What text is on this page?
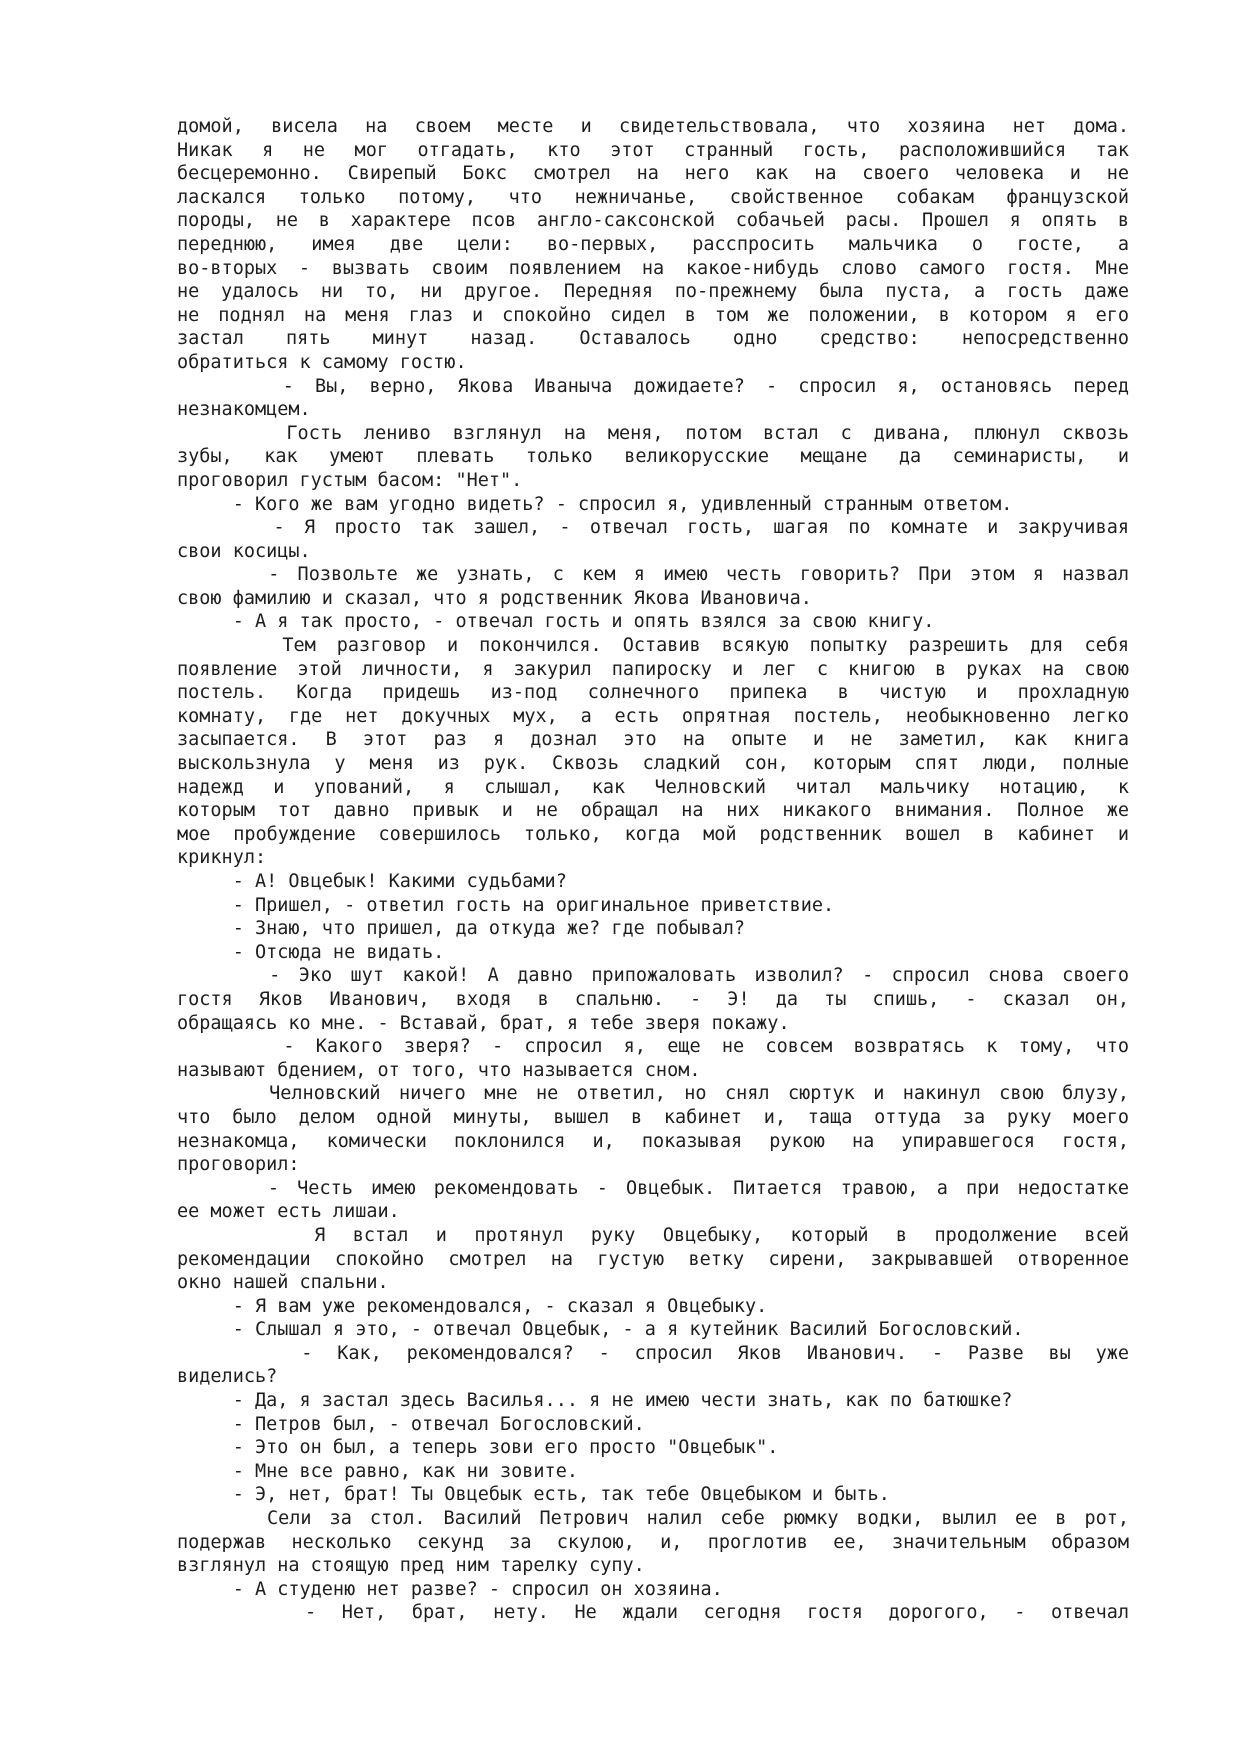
домой, висела на своем месте и свидетельствовала, что хозяина нет дома.
Никак я не мог отгадать, кто этот странный гость, расположившийся так
бесцеремонно. Свирепый Бокс смотрел на него как на своего человека и не
ласкался только потому, что нежничанье, свойственное собакам французской
породы, не в характере псов англо-саксонской собачьей расы. Прошел я опять в
переднюю, имея две цели: во-первых, расспросить мальчика о госте, а
во-вторых - вызвать своим появлением на какое-нибудь слово самого гостя. Мне
не удалось ни то, ни другое. Передняя по-прежнему была пуста, а гость даже
не поднял на меня глаз и спокойно сидел в том же положении, в котором я его
застал пять минут назад. Оставалось одно средство: непосредственно
обратиться к самому гостю.
- Вы, верно, Якова Иваныча дожидаете? - спросил я, остановясь перед
незнакомцем.
Гость лениво взглянул на меня, потом встал с дивана, плюнул сквозь
зубы, как умеют плевать только великорусские мещане да семинаристы, и
проговорил густым басом: "Нет".
- Кого же вам угодно видеть? - спросил я, удивленный странным ответом.
- Я просто так зашел, - отвечал гость, шагая по комнате и закручивая
свои косицы.
- Позвольте же узнать, с кем я имею честь говорить? При этом я назвал
свою фамилию и сказал, что я родственник Якова Ивановича.
- А я так просто, - отвечал гость и опять взялся за свою книгу.
Тем разговор и покончился. Оставив всякую попытку разрешить для себя
появление этой личности, я закурил папироску и лег с книгою в руках на свою
постель. Когда придешь из-под солнечного припека в чистую и прохладную
комнату, где нет докучных мух, а есть опрятная постель, необыкновенно легко
засыпается. В этот раз я дознал это на опыте и не заметил, как книга
выскользнула у меня из рук. Сквозь сладкий сон, которым спят люди, полные
надежд и упований, я слышал, как Челновский читал мальчику нотацию, к
которым тот давно привык и не обращал на них никакого внимания. Полное же
мое пробуждение совершилось только, когда мой родственник вошел в кабинет и
крикнул:
- А! Овцебык! Какими судьбами?
- Пришел, - ответил гость на оригинальное приветствие.
- Знаю, что пришел, да откуда же? где побывал?
- Отсюда не видать.
- Эко шут какой! А давно припожаловать изволил? - спросил снова своего
гостя Яков Иванович, входя в спальню. - Э! да ты спишь, - сказал он,
обращаясь ко мне. - Вставай, брат, я тебе зверя покажу.
- Какого зверя? - спросил я, еще не совсем возвратясь к тому, что
называют бдением, от того, что называется сном.
Челновский ничего мне не ответил, но снял сюртук и накинул свою блузу,
что было делом одной минуты, вышел в кабинет и, таща оттуда за руку моего
незнакомца, комически поклонился и, показывая рукою на упиравшегося гостя,
проговорил:
- Честь имею рекомендовать - Овцебык. Питается травою, а при недостатке
ее может есть лишаи.
Я встал и протянул руку Овцебыку, который в продолжение всей
рекомендации спокойно смотрел на густую ветку сирени, закрывавшей отворенное
окно нашей спальни.
- Я вам уже рекомендовался, - сказал я Овцебыку.
- Слышал я это, - отвечал Овцебык, - а я кутейник Василий Богословский.
- Как, рекомендовался? - спросил Яков Иванович. - Разве вы уже
виделись?
- Да, я застал здесь Василья... я не имею чести знать, как по батюшке?
- Петров был, - отвечал Богословский.
- Это он был, а теперь зови его просто "Овцебык".
- Мне все равно, как ни зовите.
- Э, нет, брат! Ты Овцебык есть, так тебе Овцебыком и быть.
Сели за стол. Василий Петрович налил себе рюмку водки, вылил ее в рот,
подержав несколько секунд за скулою, и, проглотив ее, значительным образом
взглянул на стоящую пред ним тарелку супу.
- А студеню нет разве? - спросил он хозяина.
- Нет, брат, нету. Не ждали сегодня гостя дорогого, - отвечал
